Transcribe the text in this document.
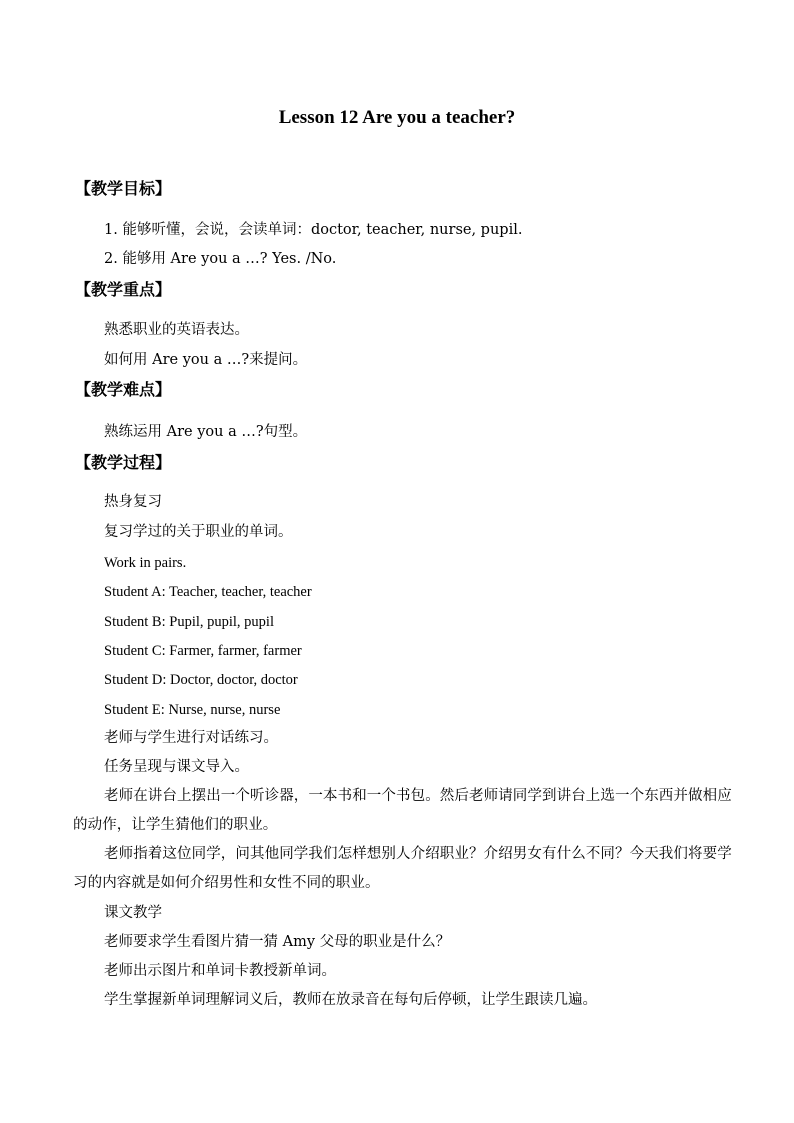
Lesson 12 Are you a teacher?
【教学目标】
1. 能够听懂，会说，会读单词：doctor, teacher, nurse, pupil.
2. 能够用 Are you a …? Yes. /No.
【教学重点】
熟悉职业的英语表达。
如何用 Are you a …?来提问。
【教学难点】
熟练运用 Are you a …?句型。
【教学过程】
热身复习
复习学过的关于职业的单词。
Work in pairs.
Student A: Teacher, teacher, teacher
Student B: Pupil, pupil, pupil
Student C: Farmer, farmer, farmer
Student D: Doctor, doctor, doctor
Student E: Nurse, nurse, nurse
老师与学生进行对话练习。
任务呈现与课文导入。
老师在讲台上摆出一个听诊器，一本书和一个书包。然后老师请同学到讲台上选一个东西并做相应的动作，让学生猜他们的职业。
老师指着这位同学，问其他同学我们怎样想别人介绍职业？介绍男女有什么不同？今天我们将要学习的内容就是如何介绍男性和女性不同的职业。
课文教学
老师要求学生看图片猜一猜 Amy 父母的职业是什么？
老师出示图片和单词卡教授新单词。
学生掌握新单词理解词义后，教师在放录音在每句后停顿，让学生跟读几遍。
